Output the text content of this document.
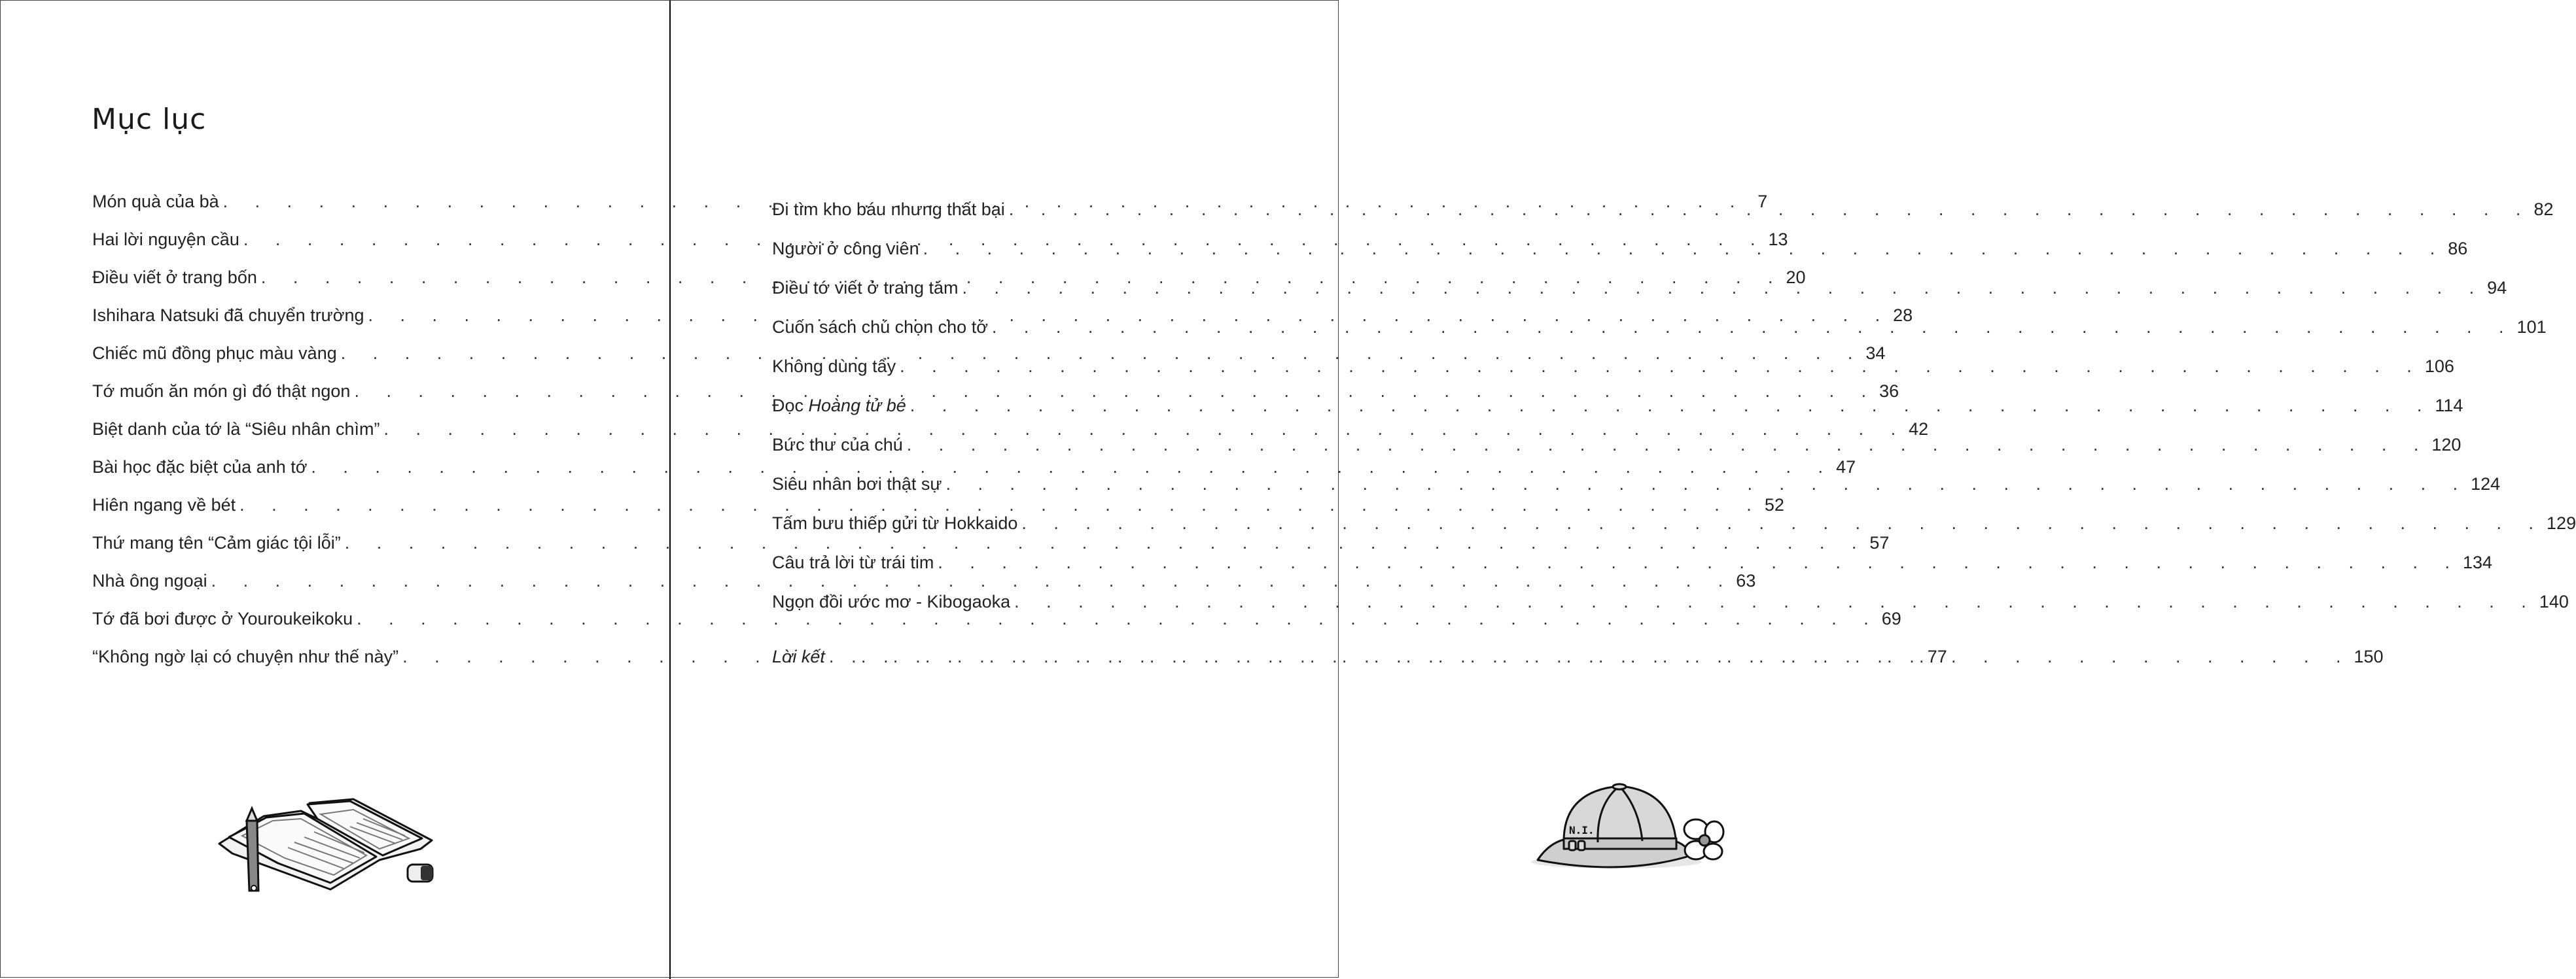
Mục lục
Món quà của bà . . .	7
Hai lời nguyện cầu . . .	13
Điều viết ở trang bốn . . .	20
Ishihara Natsuki đã chuyển trường . . .	28
Chiếc mũ đồng phục màu vàng . . .	34
Tớ muốn ăn món gì đó thật ngon . . .	36
Biệt danh của tớ là “Siêu nhân chìm” . . .	42
Bài học đặc biệt của anh tớ . . .	47
Hiên ngang về bét . . .	52
Thứ mang tên “Cảm giác tội lỗi” . . .	57
Nhà ông ngoại . . .	63
Tớ đã bơi được ở Youroukeikoku . . .	69
“Không ngờ lại có chuyện như thế này” . . .	77
Đi tìm kho báu nhưng thất bại . . .	82
Người ở công viên . . .	86
Điều tớ viết ở trang tám . . .	94
Cuốn sách chú chọn cho tớ . . .	101
Không dùng tẩy . . .	106
Đọc Hoàng tử bé . . .	114
Bức thư của chú . . .	120
Siêu nhân bơi thật sự . . .	124
Tấm bưu thiếp gửi từ Hokkaido . . .	129
Câu trả lời từ trái tim . . .	134
Ngọn đồi ước mơ - Kibogaoka . . .	140
Lời kết . . .	150
N.I.
